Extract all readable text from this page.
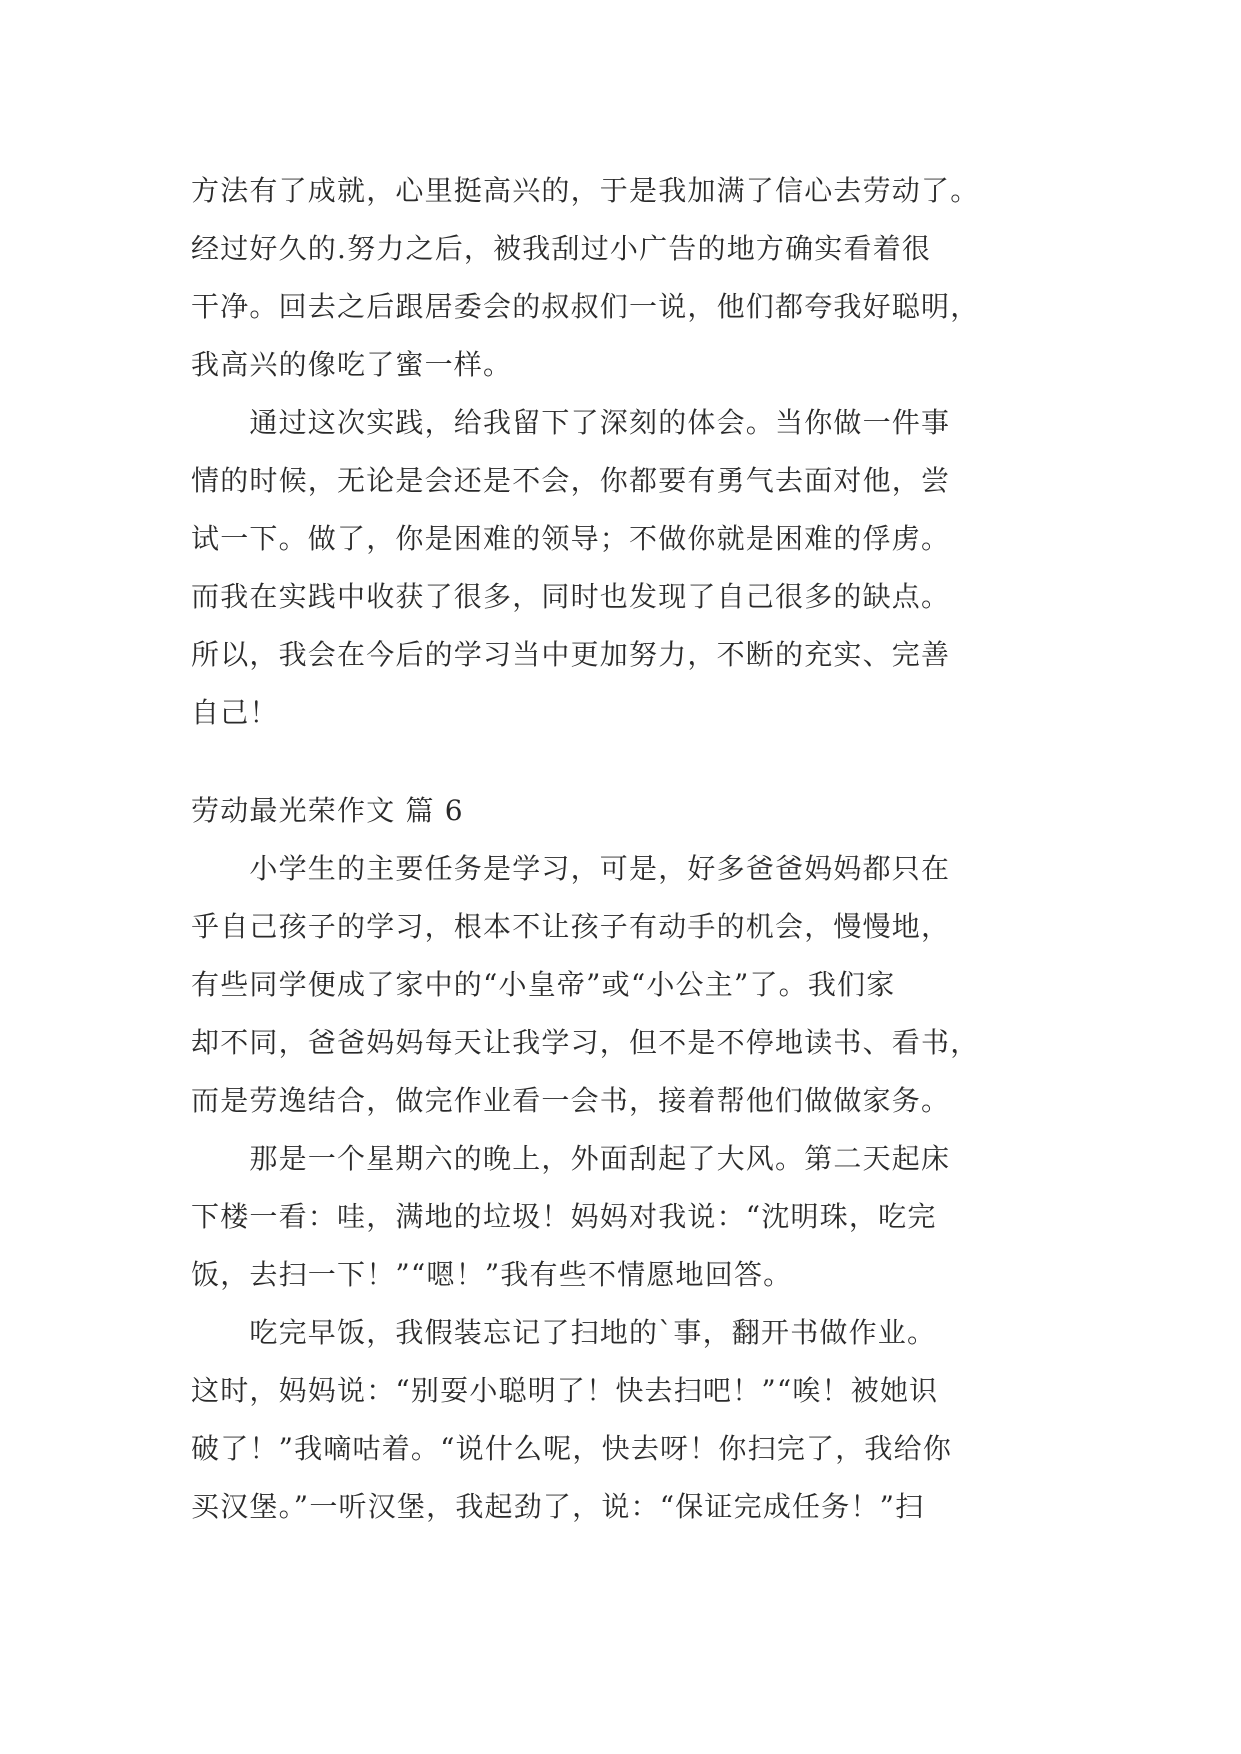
方法有了成就，心里挺高兴的，于是我加满了信心去劳动了。
经过好久的.努力之后，被我刮过小广告的地方确实看着很
干净。回去之后跟居委会的叔叔们一说，他们都夸我好聪明，
我高兴的像吃了蜜一样。
　　通过这次实践，给我留下了深刻的体会。当你做一件事
情的时候，无论是会还是不会，你都要有勇气去面对他，尝
试一下。做了，你是困难的领导；不做你就是困难的俘虏。
而我在实践中收获了很多，同时也发现了自己很多的缺点。
所以，我会在今后的学习当中更加努力，不断的充实、完善
自己！
劳动最光荣作文 篇 6
　　小学生的主要任务是学习，可是，好多爸爸妈妈都只在
乎自己孩子的学习，根本不让孩子有动手的机会，慢慢地，
有些同学便成了家中的“小皇帝”或“小公主”了。我们家
却不同，爸爸妈妈每天让我学习，但不是不停地读书、看书，
而是劳逸结合，做完作业看一会书，接着帮他们做做家务。
　　那是一个星期六的晚上，外面刮起了大风。第二天起床
下楼一看：哇，满地的垃圾！妈妈对我说：“沈明珠，吃完
饭，去扫一下！”“嗯！”我有些不情愿地回答。
　　吃完早饭，我假装忘记了扫地的`事，翻开书做作业。
这时，妈妈说：“别耍小聪明了！快去扫吧！”“唉！被她识
破了！”我嘀咕着。“说什么呢，快去呀！你扫完了，我给你
买汉堡。”一听汉堡，我起劲了，说：“保证完成任务！”扫
